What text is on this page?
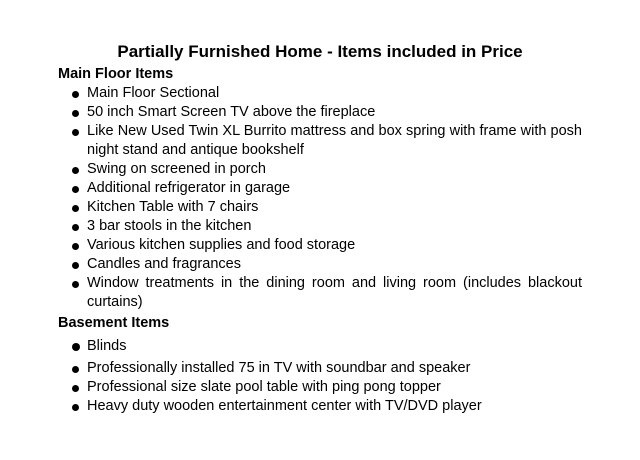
Partially Furnished Home - Items included in Price
Main Floor Items
Main Floor Sectional
50 inch Smart Screen TV above the fireplace
Like New Used Twin XL Burrito mattress and box spring with frame with posh night stand and antique bookshelf
Swing on screened in porch
Additional refrigerator in garage
Kitchen Table with 7 chairs
3 bar stools in the kitchen
Various kitchen supplies and food storage
Candles and fragrances
Window treatments in the dining room and living room (includes blackout curtains)
Basement Items
Blinds
Professionally installed 75 in TV with soundbar and speaker
Professional size slate pool table with ping pong topper
Heavy duty wooden entertainment center with TV/DVD player
